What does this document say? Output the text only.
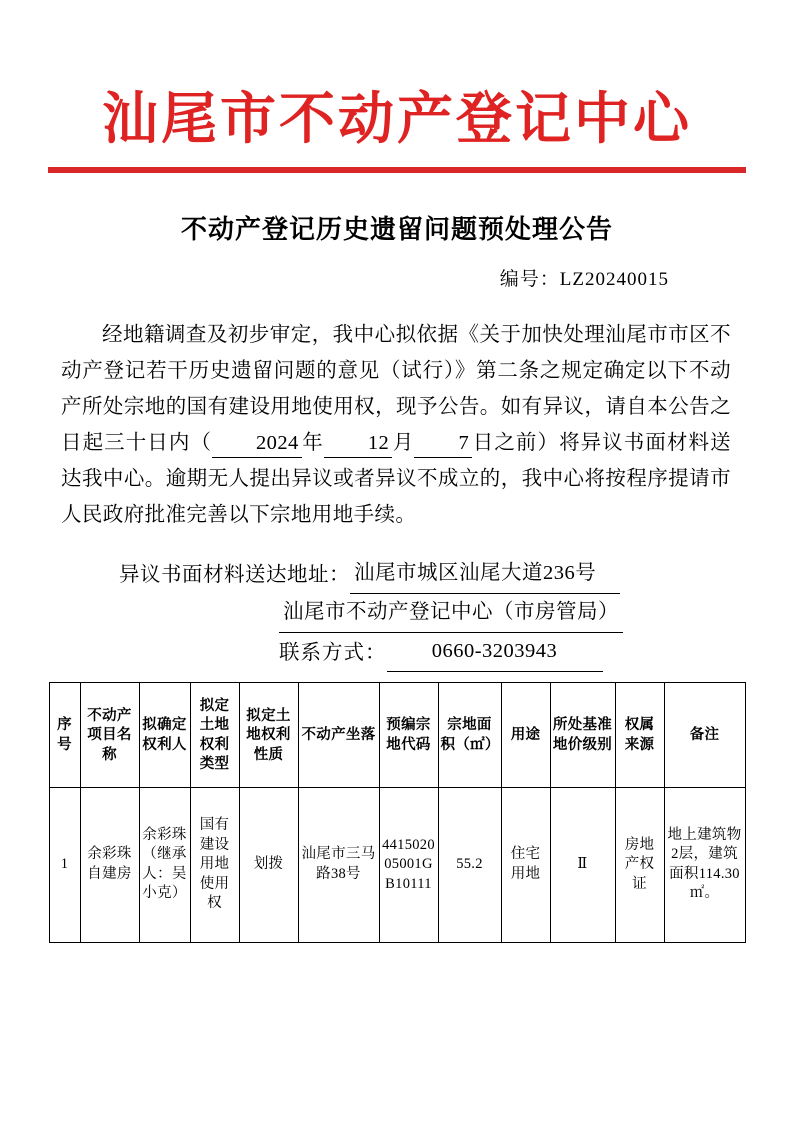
汕尾市不动产登记中心
不动产登记历史遗留问题预处理公告
编号：LZ20240015

经地籍调查及初步审定，我中心拟依据《关于加快处理汕尾市市区不动产登记若干历史遗留问题的意见（试行）》第二条之规定确定以下不动产所处宗地的国有建设用地使用权，现予公告。如有异议，请自本公告之日起三十日内（ 2024 年 12 月 7 日之前）将异议书面材料送达我中心。逾期无人提出异议或者异议不成立的，我中心将按程序提请市人民政府批准完善以下宗地用地手续。

异议书面材料送达地址： 汕尾市城区汕尾大道236号
汕尾市不动产登记中心（市房管局）
联系方式：	0660-3203943
序号	不动产项目名称	拟确定权利人	拟定土地权利类型	拟定土地权利性质	不动产坐落	预编宗地代码	宗地面积（㎡）	用途	所处基准地价级别	权属来源	备注
1	余彩珠自建房	余彩珠（继承人：吴小克）	国有建设用地使用权	划拨	汕尾市三马路38号	441502005001GB10111	55.2	住宅用地	Ⅱ	房地产权证	地上建筑物2层，建筑面积114.30㎡。
